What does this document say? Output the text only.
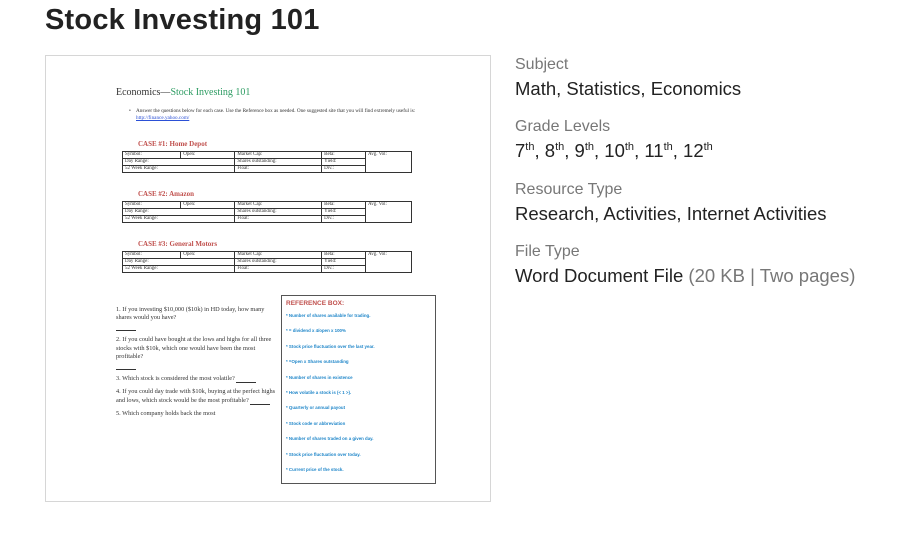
Stock Investing 101
Economics—Stock Investing 101
• Answer the questions below for each case. Use the Reference box as needed. One suggested site that you will find extremely useful is: http://finance.yahoo.com/
CASE #1: Home Depot
Symbol:	Open:	Market Cap:	Beta:	Avg. Vol:
Day Range:		Shares outstanding:	Yield:	
52 Week Range:		Float:	Div.:	
CASE #2: Amazon
Symbol:	Open:	Market Cap:	Beta:	Avg. Vol:
Day Range:		Shares outstanding:	Yield:	
52 Week Range:		Float:	Div.:	
CASE #3: General Motors
Symbol:	Open:	Market Cap:	Beta:	Avg. Vol:
Day Range:		Shares outstanding:	Yield:	
52 Week Range:		Float:	Div.:	

1. If you investing $10,000 ($10k) in HD today, how many shares would you have?

2. If you could have bought at the lows and highs for all three stocks with $10k, which one would have been the most profitable?

3. Which stock is considered the most volatile?

4. If you could day trade with $10k, buying at the perfect highs and lows, which stock would be the most profitable?

5. Which company holds back the most

REFERENCE BOX:
* Number of shares available for trading.
* = dividend x 4/open x 100%
* Stock price fluctuation over the last year.
* =Open x Shares outstanding
* Number of shares in existence
* How volatile a stock is (< 1 >).
* Quarterly or annual payout
* Stock code or abbreviation
* Number of shares traded on a given day.
* Stock price fluctuation over today.
* Current price of the stock.
Subject
Math, Statistics, Economics
Grade Levels
7th, 8th, 9th, 10th, 11th, 12th
Resource Type
Research, Activities, Internet Activities
File Type
Word Document File (20 KB | Two pages)
